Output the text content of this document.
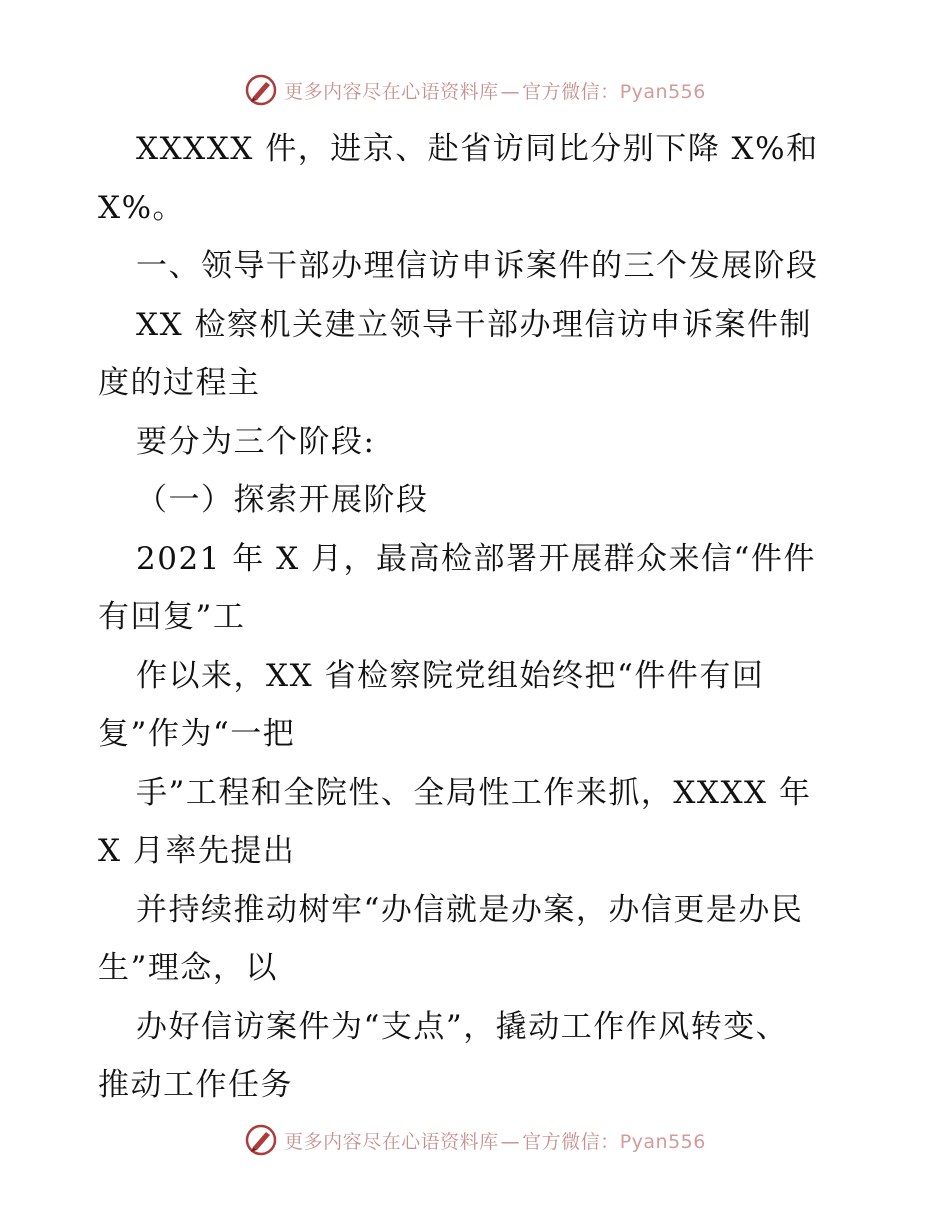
更多内容尽在心语资料库 — 官方微信：Pyan556
XXXXX 件，进京、赴省访同比分别下降 X%和
X%。
一、领导干部办理信访申诉案件的三个发展阶段
XX 检察机关建立领导干部办理信访申诉案件制
度的过程主
要分为三个阶段:
（一）探索开展阶段
2021 年 X 月，最高检部署开展群众来信“件件
有回复”工
作以来，XX 省检察院党组始终把“件件有回
复”作为“一把
手”工程和全院性、全局性工作来抓，XXXX 年
X 月率先提出
并持续推动树牢“办信就是办案，办信更是办民
生”理念，以
办好信访案件为“支点”，撬动工作作风转变、
推动工作任务
更多内容尽在心语资料库 — 官方微信：Pyan556
